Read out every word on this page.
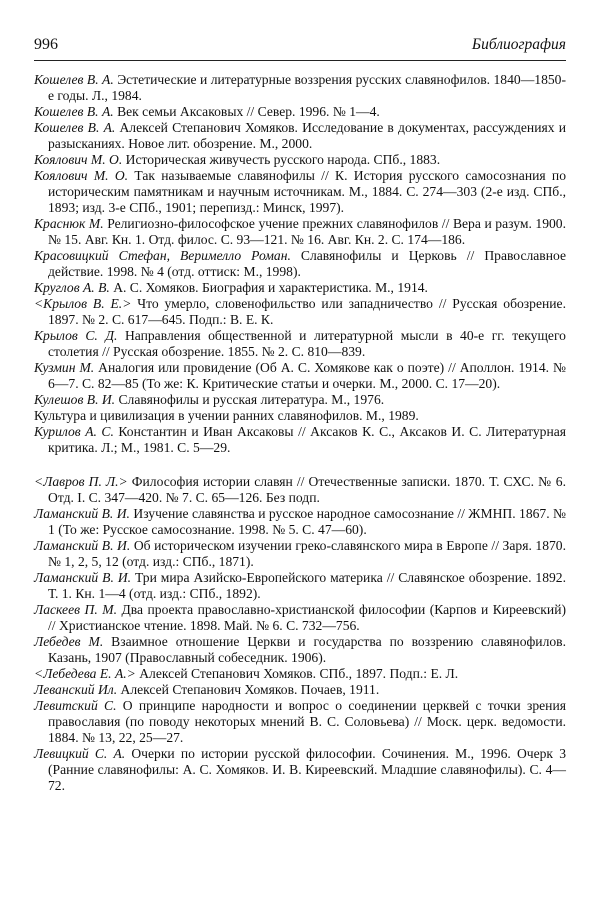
996	Библиография

Кошелев В. А. Эстетические и литературные воззрения русских славянофилов. 1840—1850-е годы. Л., 1984.

Кошелев В. А. Век семьи Аксаковых // Север. 1996. № 1—4.

Кошелев В. А. Алексей Степанович Хомяков. Исследование в документах, рассуждениях и разысканиях. Новое лит. обозрение. М., 2000.

Коялович М. О. Историческая живучесть русского народа. СПб., 1883.

Коялович М. О. Так называемые славянофилы // К. История русского самосознания по историческим памятникам и научным источникам. М., 1884. С. 274—303 (2-е изд. СПб., 1893; изд. 3-е СПб., 1901; перепизд.: Минск, 1997).

Краснюк М. Религиозно-философское учение прежних славянофилов // Вера и разум. 1900. № 15. Авг. Кн. 1. Отд. филос. С. 93—121. № 16. Авг. Кн. 2. С. 174—186.

Красовицкий Стефан, Веримелло Роман. Славянофилы и Церковь // Православное действие. 1998. № 4 (отд. оттиск: М., 1998).

Круглов А. В. А. С. Хомяков. Биография и характеристика. М., 1914.

<Крылов В. Е.> Что умерло, словенофильство или западничество // Русская обозрение. 1897. № 2. С. 617—645. Подп.: В. Е. К.

Крылов С. Д. Направления общественной и литературной мысли в 40-е гг. текущего столетия // Русская обозрение. 1855. № 2. С. 810—839.

Кузмин М. Аналогия или провидение (Об А. С. Хомякове как о поэте) // Аполлон. 1914. № 6—7. С. 82—85 (То же: К. Критические статьи и очерки. М., 2000. С. 17—20).

Кулешов В. И. Славянофилы и русская литература. М., 1976.

Культура и цивилизация в учении ранних славянофилов. М., 1989.

Курилов А. С. Константин и Иван Аксаковы // Аксаков К. С., Аксаков И. С. Литературная критика. Л.; М., 1981. С. 5—29.

<Лавров П. Л.> Философия истории славян // Отечественные записки. 1870. Т. СХС. № 6. Отд. I. С. 347—420. № 7. С. 65—126. Без подп.

Ламанский В. И. Изучение славянства и русское народное самосознание // ЖМНП. 1867. № 1 (То же: Русское самосознание. 1998. № 5. С. 47—60).

Ламанский В. И. Об историческом изучении греко-славянского мира в Европе // Заря. 1870. № 1, 2, 5, 12 (отд. изд.: СПб., 1871).

Ламанский В. И. Три мира Азийско-Европейского материка // Славянское обозрение. 1892. Т. 1. Кн. 1—4 (отд. изд.: СПб., 1892).

Ласкеев П. М. Два проекта православно-христианской философии (Карпов и Киреевский) // Христианское чтение. 1898. Май. № 6. С. 732—756.

Лебедев М. Взаимное отношение Церкви и государства по воззрению славянофилов. Казань, 1907 (Православный собеседник. 1906).

<Лебедева Е. А.> Алексей Степанович Хомяков. СПб., 1897. Подп.: Е. Л.

Леванский Ил. Алексей Степанович Хомяков. Почаев, 1911.

Левитский С. О принципе народности и вопрос о соединении церквей с точки зрения православия (по поводу некоторых мнений В. С. Соловьева) // Моск. церк. ведомости. 1884. № 13, 22, 25—27.

Левицкий С. А. Очерки по истории русской философии. Сочинения. М., 1996. Очерк 3 (Ранние славянофилы: А. С. Хомяков. И. В. Киреевский. Младшие славянофилы). С. 4—72.
